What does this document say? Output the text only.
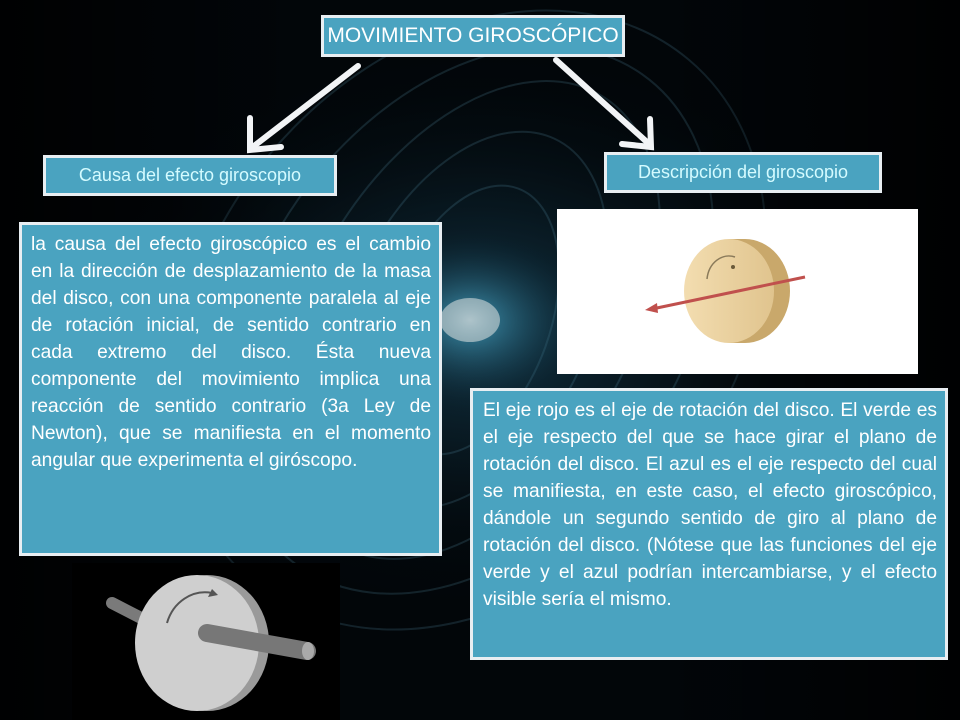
MOVIMIENTO GIROSCÓPICO
Causa del efecto giroscopio	Descripción del giroscopio
la causa del efecto giroscópico es el cambio en la dirección de desplazamiento de la masa del disco, con una componente paralela al eje de rotación inicial, de sentido contrario en cada extremo del disco. Ésta nueva componente del movimiento implica una reacción de sentido contrario (3a Ley de Newton), que se manifiesta en el momento angular que experimenta el giróscopo.
El eje rojo es el eje de rotación del disco. El verde es el eje respecto del que se hace girar el plano de rotación del disco. El azul es el eje respecto del cual se manifiesta, en este caso, el efecto giroscópico, dándole un segundo sentido de giro al plano de rotación del disco. (Nótese que las funciones del eje verde y el azul podrían intercambiarse, y el efecto visible sería el mismo.
